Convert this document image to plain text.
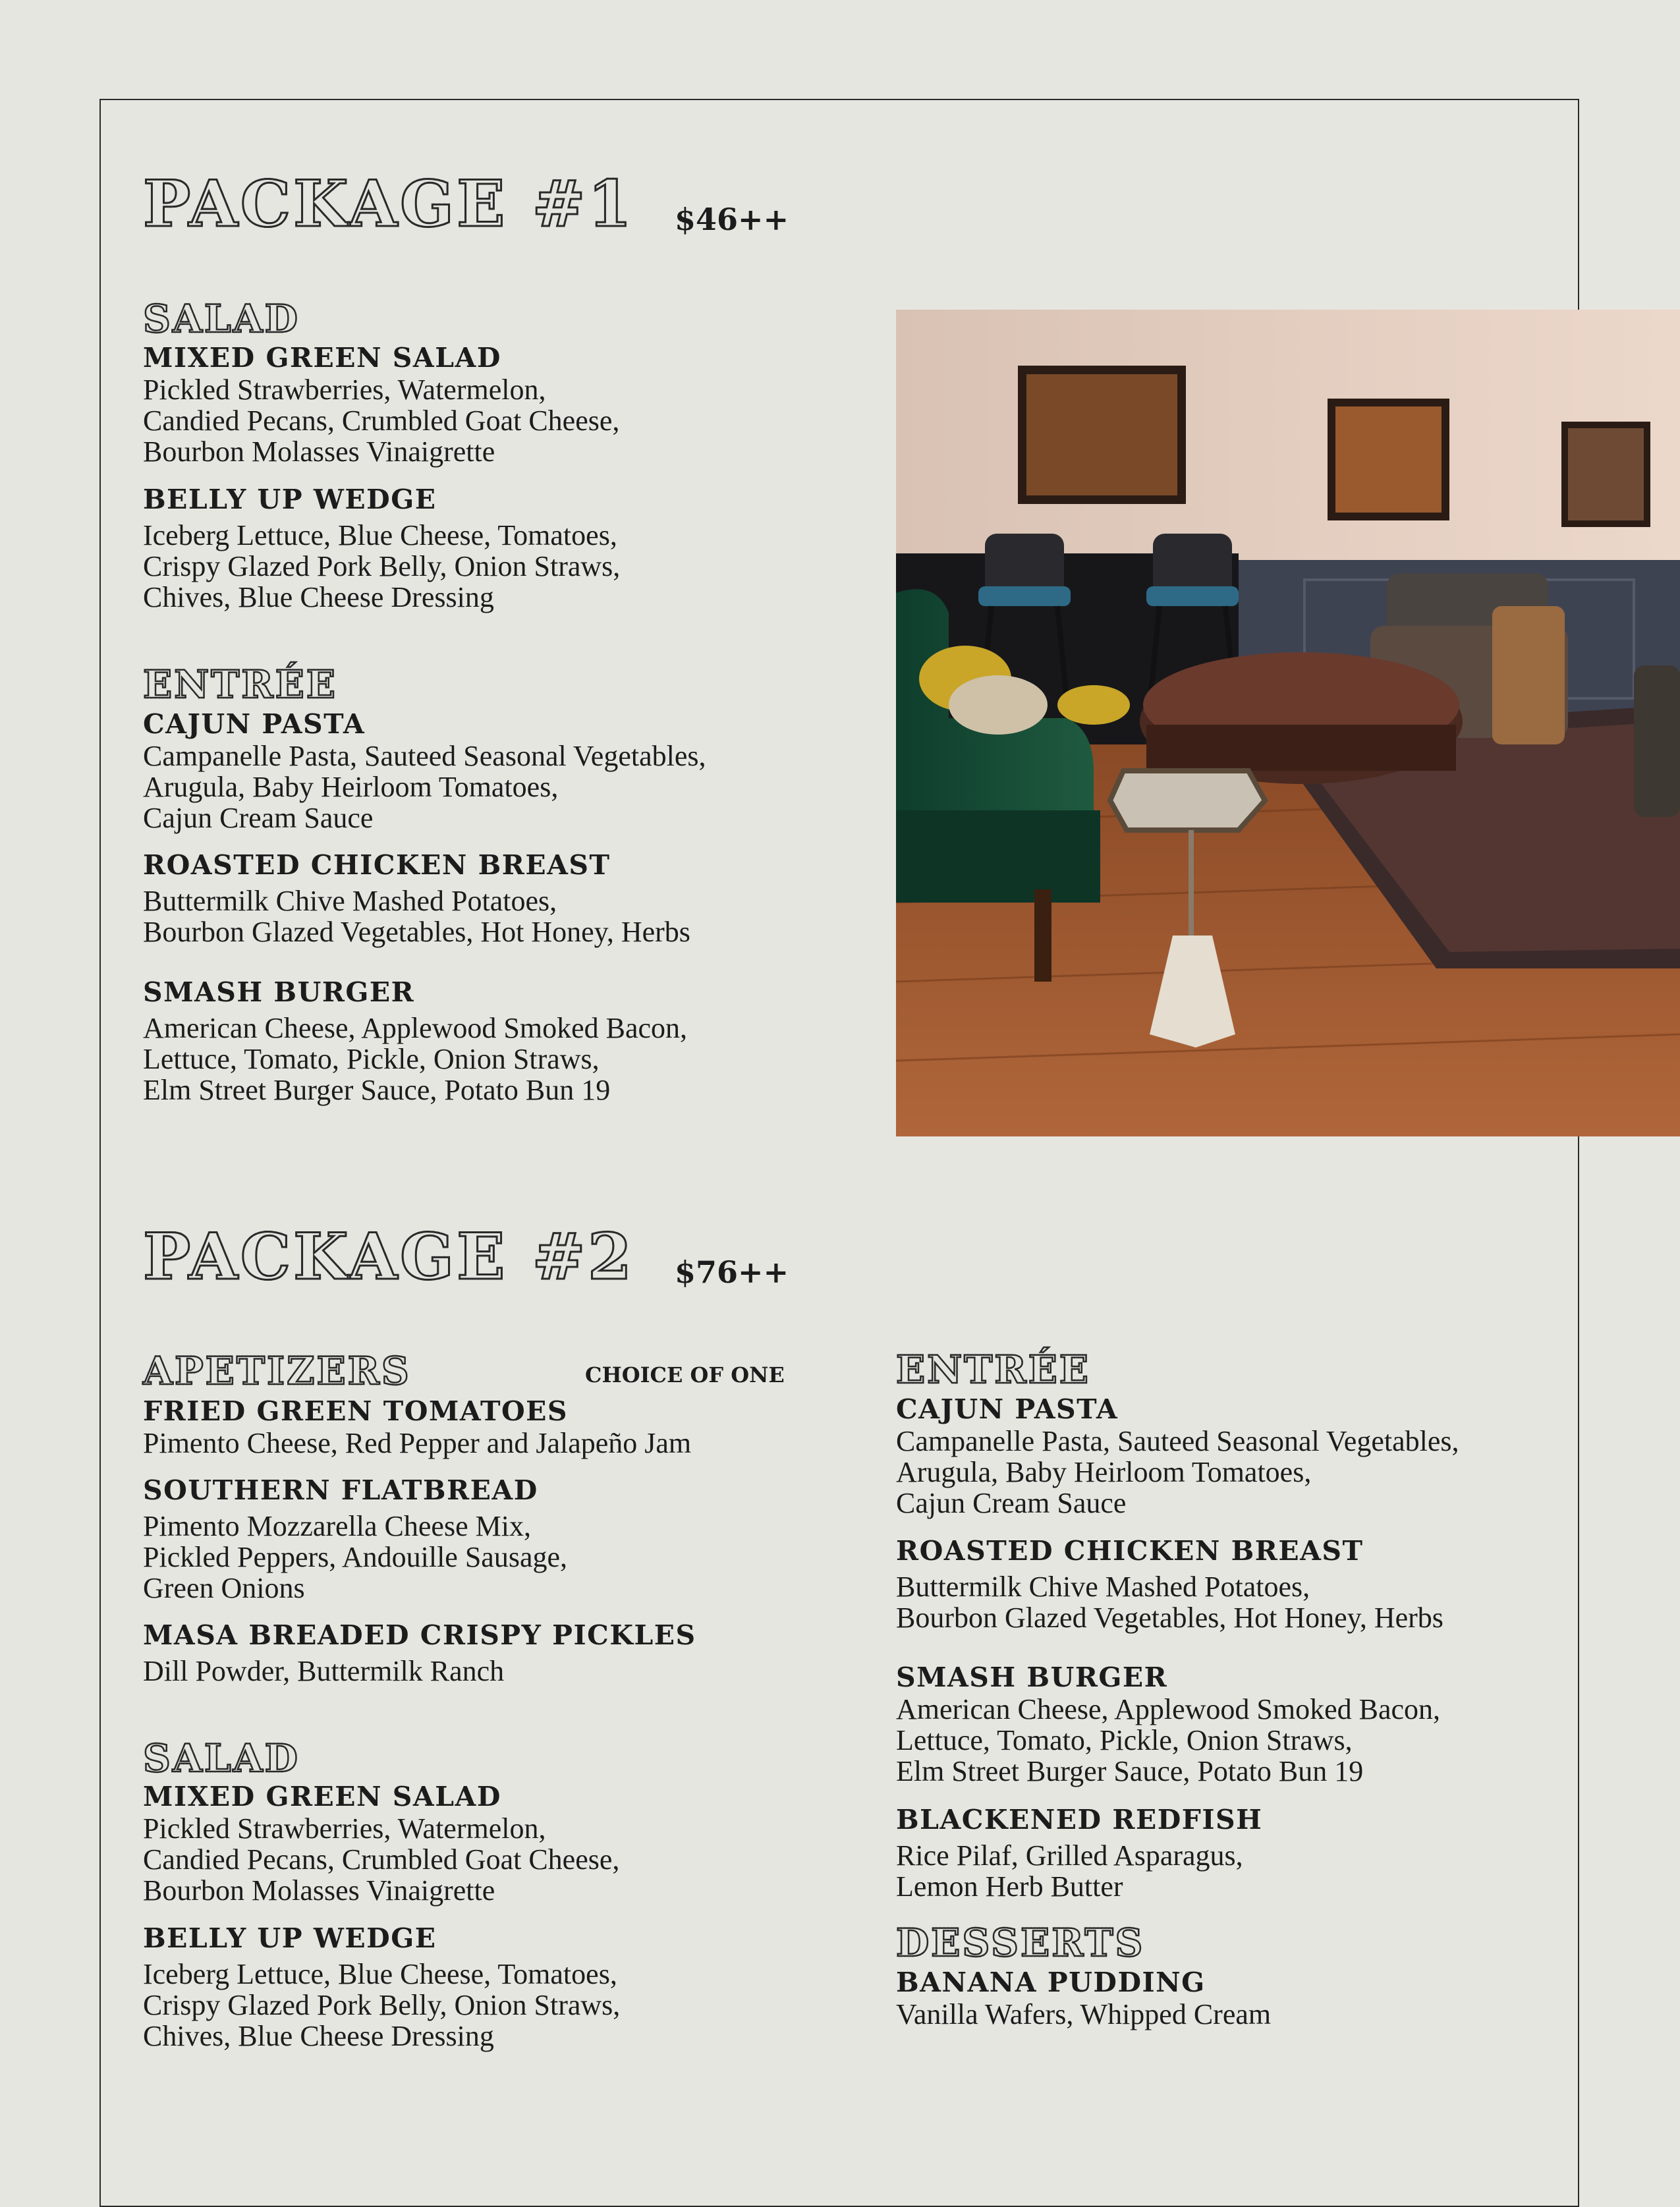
PACKAGE #1 $46++
SALAD
MIXED GREEN SALAD
Pickled Strawberries, Watermelon,
Candied Pecans, Crumbled Goat Cheese,
Bourbon Molasses Vinaigrette
BELLY UP WEDGE
Iceberg Lettuce, Blue Cheese, Tomatoes,
Crispy Glazed Pork Belly, Onion Straws,
Chives, Blue Cheese Dressing
ENTRÉE
CAJUN PASTA
Campanelle Pasta, Sauteed Seasonal Vegetables,
Arugula, Baby Heirloom Tomatoes,
Cajun Cream Sauce
ROASTED CHICKEN BREAST
Buttermilk Chive Mashed Potatoes,
Bourbon Glazed Vegetables, Hot Honey, Herbs
SMASH BURGER
American Cheese, Applewood Smoked Bacon,
Lettuce, Tomato, Pickle, Onion Straws,
Elm Street Burger Sauce, Potato Bun 19
PACKAGE #2 $76++
APETIZERS	CHOICE OF ONE
FRIED GREEN TOMATOES
Pimento Cheese, Red Pepper and Jalapeño Jam
SOUTHERN FLATBREAD
Pimento Mozzarella Cheese Mix,
Pickled Peppers, Andouille Sausage,
Green Onions
MASA BREADED CRISPY PICKLES
Dill Powder, Buttermilk Ranch
SALAD
MIXED GREEN SALAD
Pickled Strawberries, Watermelon,
Candied Pecans, Crumbled Goat Cheese,
Bourbon Molasses Vinaigrette
BELLY UP WEDGE
Iceberg Lettuce, Blue Cheese, Tomatoes,
Crispy Glazed Pork Belly, Onion Straws,
Chives, Blue Cheese Dressing
ENTRÉE
CAJUN PASTA
Campanelle Pasta, Sauteed Seasonal Vegetables,
Arugula, Baby Heirloom Tomatoes,
Cajun Cream Sauce
ROASTED CHICKEN BREAST
Buttermilk Chive Mashed Potatoes,
Bourbon Glazed Vegetables, Hot Honey, Herbs
SMASH BURGER
American Cheese, Applewood Smoked Bacon,
Lettuce, Tomato, Pickle, Onion Straws,
Elm Street Burger Sauce, Potato Bun 19
BLACKENED REDFISH
Rice Pilaf, Grilled Asparagus,
Lemon Herb Butter
DESSERTS
BANANA PUDDING
Vanilla Wafers, Whipped Cream
